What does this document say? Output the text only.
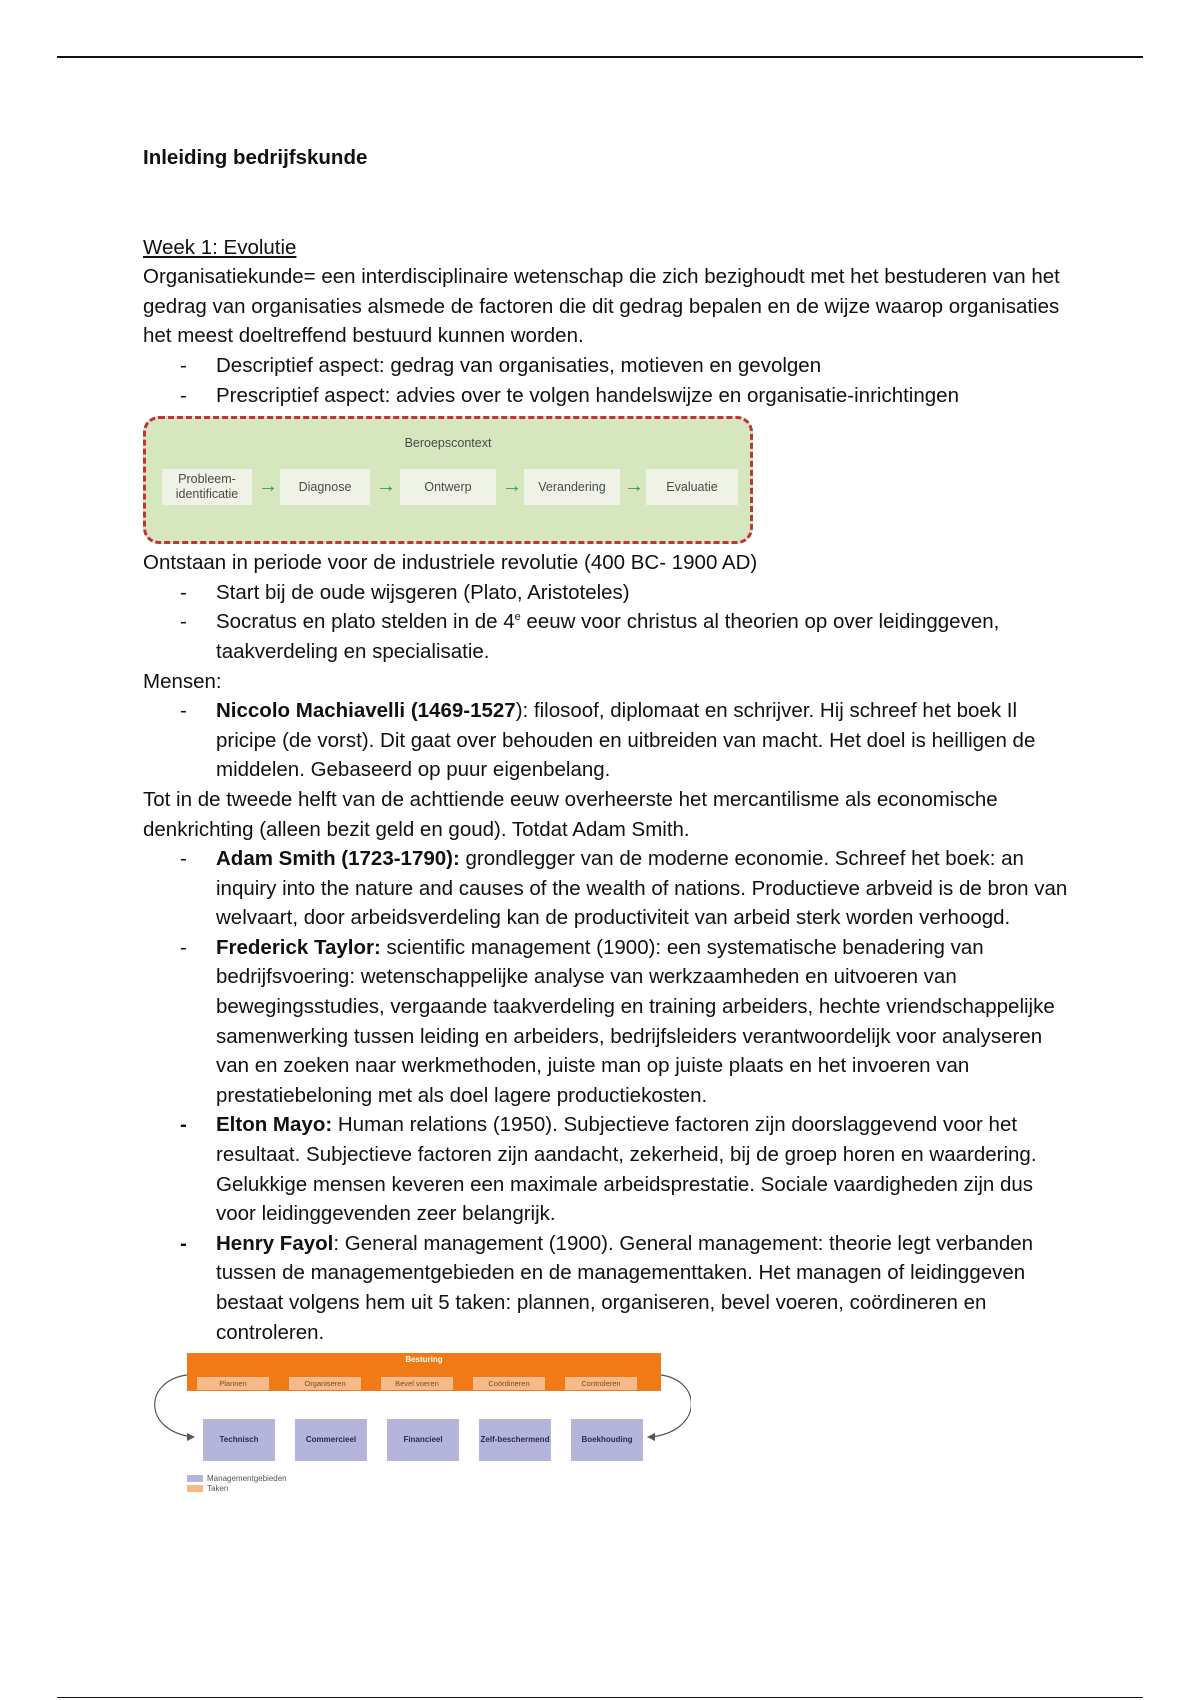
Inleiding bedrijfskunde
Week 1: Evolutie
Organisatiekunde= een interdisciplinaire wetenschap die zich bezighoudt met het bestuderen van het gedrag van organisaties alsmede de factoren die dit gedrag bepalen en de wijze waarop organisaties het meest doeltreffend bestuurd kunnen worden.
- Descriptief aspect: gedrag van organisaties, motieven en gevolgen
- Prescriptief aspect: advies over te volgen handelswijze en organisatie-inrichtingen
Beroepscontext
Probleem-identificatie →	Diagnose	→	Ontwerp	→	Verandering →	Evaluatie
Ontstaan in periode voor de industriele revolutie (400 BC- 1900 AD)
- Start bij de oude wijsgeren (Plato, Aristoteles)
- Socratus en plato stelden in de 4e eeuw voor christus al theorien op over leidinggeven, taakverdeling en specialisatie.
Mensen:
- Niccolo Machiavelli (1469-1527): filosoof, diplomaat en schrijver. Hij schreef het boek Il pricipe (de vorst). Dit gaat over behouden en uitbreiden van macht. Het doel is heilligen de middelen. Gebaseerd op puur eigenbelang.
Tot in de tweede helft van de achttiende eeuw overheerste het mercantilisme als economische denkrichting (alleen bezit geld en goud). Totdat Adam Smith.
- Adam Smith (1723-1790): grondlegger van de moderne economie. Schreef het boek: an inquiry into the nature and causes of the wealth of nations. Productieve arbveid is de bron van welvaart, door arbeidsverdeling kan de productiviteit van arbeid sterk worden verhoogd.
- Frederick Taylor: scientific management (1900): een systematische benadering van bedrijfsvoering: wetenschappelijke analyse van werkzaamheden en uitvoeren van bewegingsstudies, vergaande taakverdeling en training arbeiders, hechte vriendschappelijke samenwerking tussen leiding en arbeiders, bedrijfsleiders verantwoordelijk voor analyseren van en zoeken naar werkmethoden, juiste man op juiste plaats en het invoeren van prestatiebeloning met als doel lagere productiekosten.
- Elton Mayo: Human relations (1950). Subjectieve factoren zijn doorslaggevend voor het resultaat. Subjectieve factoren zijn aandacht, zekerheid, bij de groep horen en waardering. Gelukkige mensen keveren een maximale arbeidsprestatie. Sociale vaardigheden zijn dus voor leidinggevenden zeer belangrijk.
- Henry Fayol: General management (1900). General management: theorie legt verbanden tussen de managementgebieden en de managementtaken. Het managen of leidinggeven bestaat volgens hem uit 5 taken: plannen, organiseren, bevel voeren, coördineren en controleren.
Besturing
Plannen	Organiseren	Bevel voeren	Coördineren	Controleren
Technisch	Commercieel	Financieel	Zelf-beschermend	Boekhouding
Managementgebieden
Taken
